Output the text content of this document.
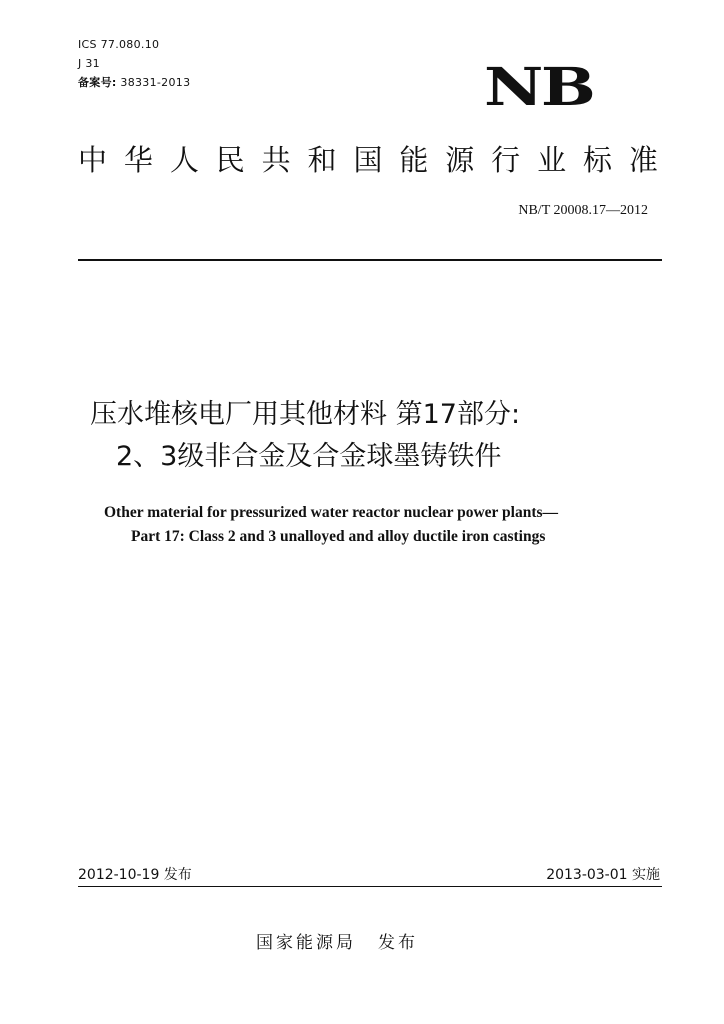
ICS 77.080.10
J 31
备案号: 38331-2013	NB
中 华 人 民 共 和 国 能 源 行 业 标 准
NB/T 20008.17—2012
压水堆核电厂用其他材料 第17部分:
2、3级非合金及合金球墨铸铁件
Other material for pressurized water reactor nuclear power plants—
Part 17: Class 2 and 3 unalloyed and alloy ductile iron castings
2012-10-19 发布	2013-03-01 实施
国家能源局 发布
